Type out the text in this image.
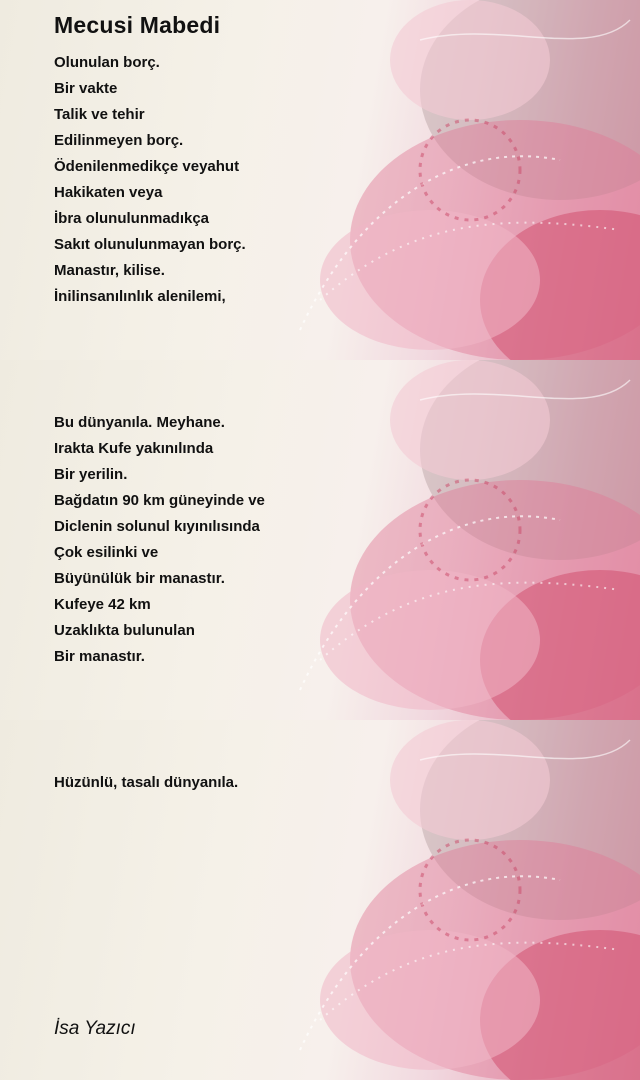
Mecusi Mabedi
Olunulan borç.
Bir vakte
Talik ve tehir
Edilinmeyen borç.
Ödenilenmedikçe veyahut
Hakikaten veya
İbra olunulunmadıkça
Sakıt olunulunmayan borç.
Manastır, kilise.
İnilinsanılınlık alenilemi,
Bu dünyanıla. Meyhane.
Irakta Kufe yakınılında
Bir yerilin.
Bağdatın 90 km güneyinde ve
Diclenin solunul kıyınılısında
Çok esilinki ve
Büyünülük bir manastır.
Kufeye 42 km
Uzaklıkta bulunulan
Bir manastır.
Hüzünlü, tasalı dünyanıla.
İsa Yazıcı
